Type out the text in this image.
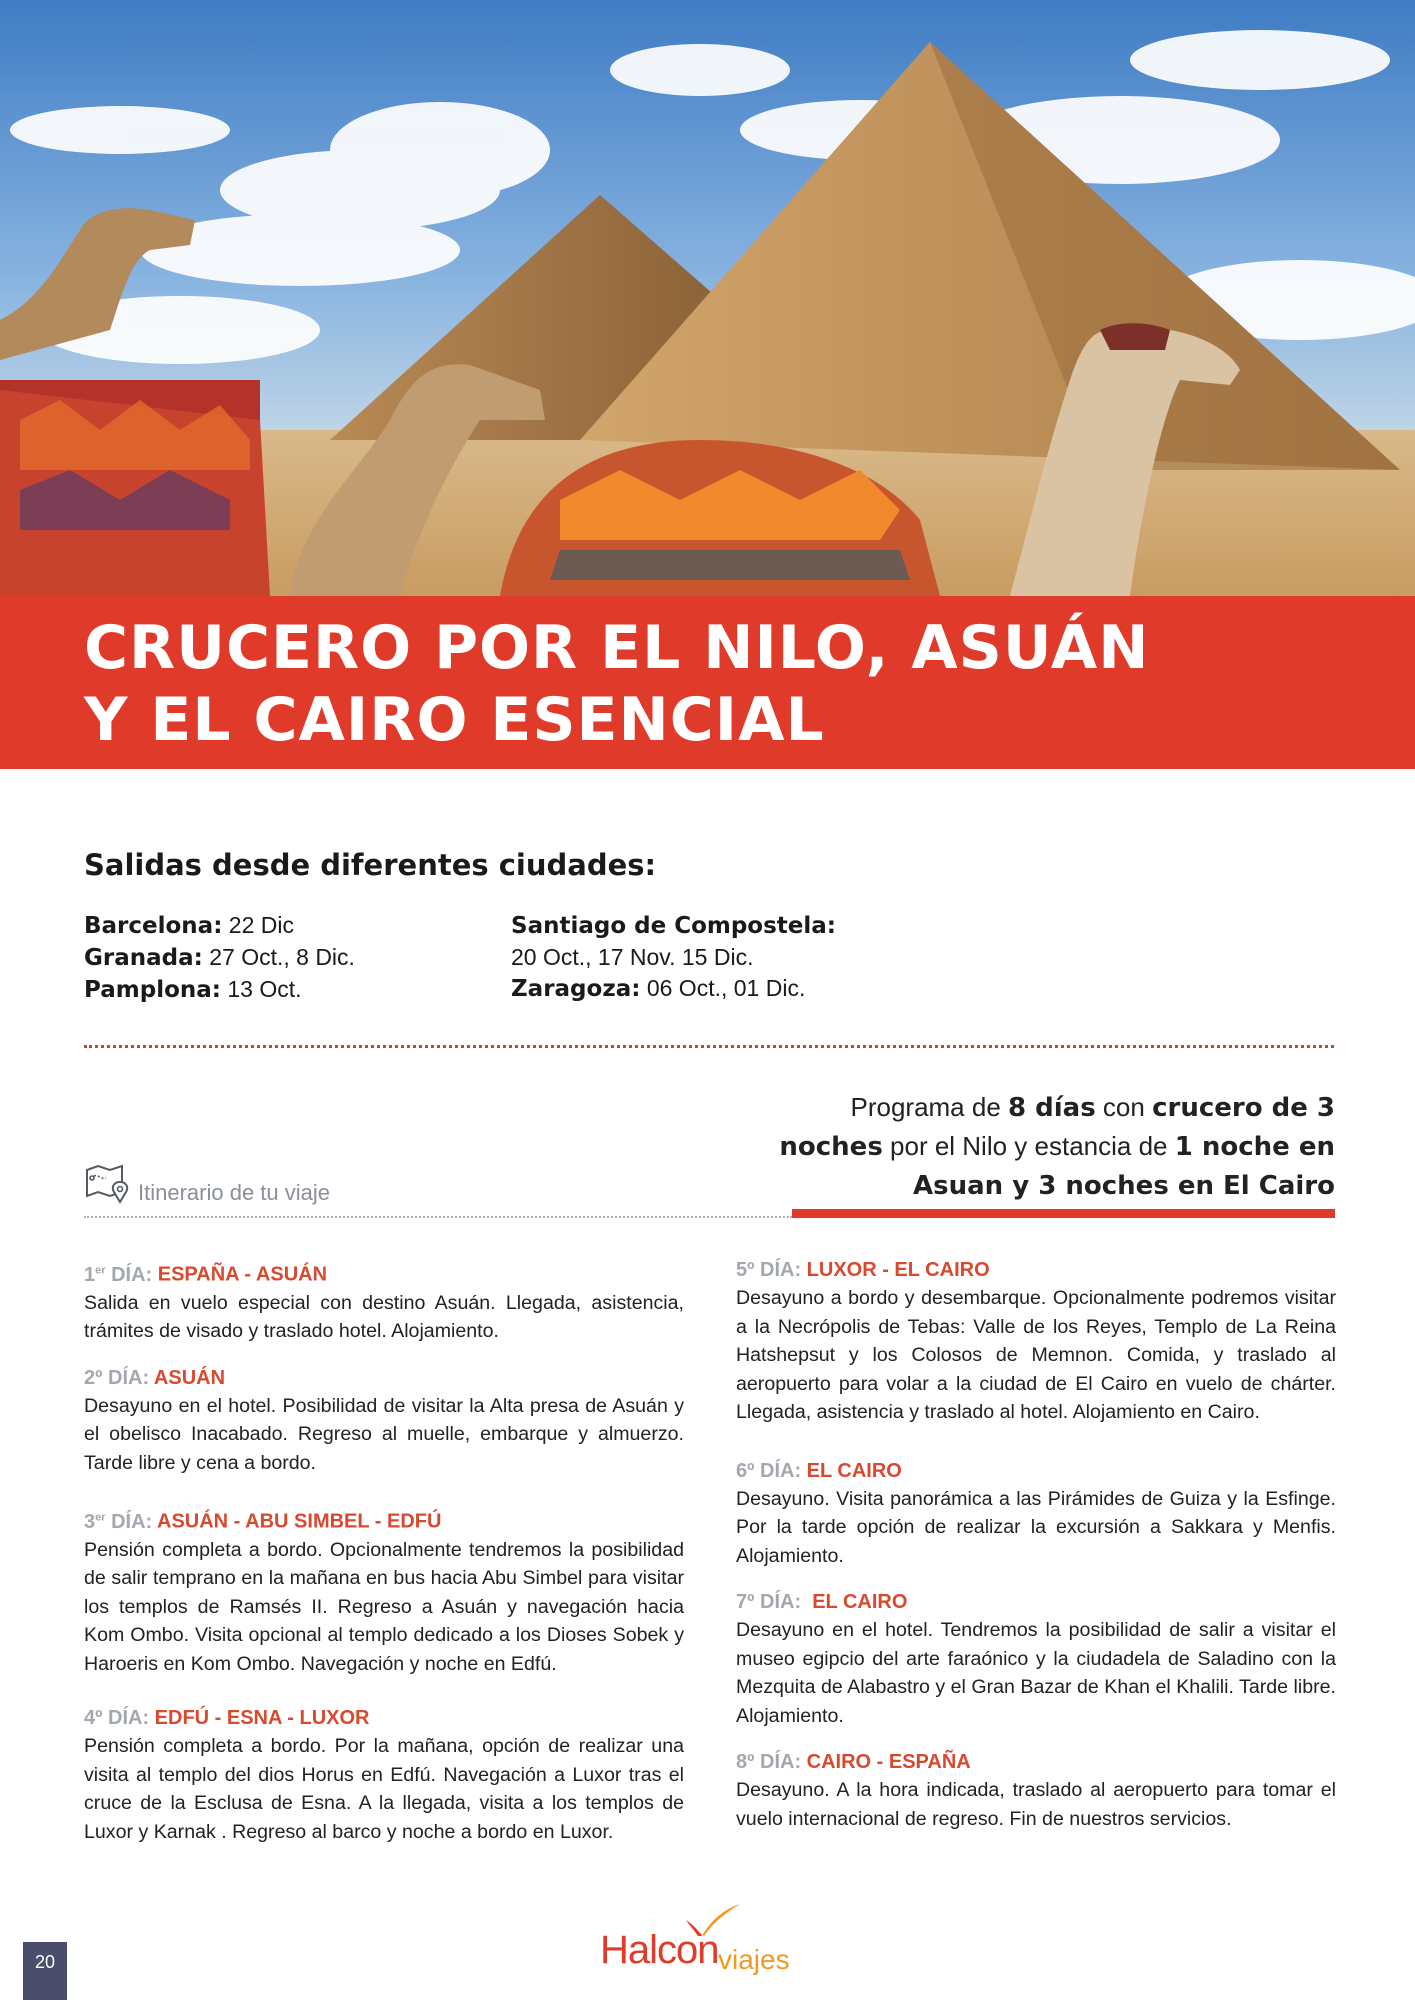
CRUCERO POR EL NILO, ASUÁN
Y EL CAIRO ESENCIAL
Salidas desde diferentes ciudades:
Barcelona: 22 Dic
Granada: 27 Oct., 8 Dic.
Pamplona: 13 Oct.
Santiago de Compostela:
20 Oct., 17 Nov. 15 Dic.
Zaragoza: 06 Oct., 01 Dic.
Programa de 8 días con crucero de 3 noches por el Nilo y estancia de 1 noche en Asuan y 3 noches en El Cairo
Itinerario de tu viaje
1er DÍA: ESPAÑA - ASUÁN

Salida en vuelo especial con destino Asuán. Llegada, asistencia, trámites de visado y traslado hotel. Alojamiento.

2º DÍA: ASUÁN

Desayuno en el hotel. Posibilidad de visitar la Alta presa de Asuán y el obelisco Inacabado. Regreso al muelle, embarque y almuerzo. Tarde libre y cena a bordo.

3er DÍA: ASUÁN - ABU SIMBEL - EDFÚ

Pensión completa a bordo. Opcionalmente tendremos la posibilidad de salir temprano en la mañana en bus hacia Abu Simbel para visitar los templos de Ramsés II. Regreso a Asuán y navegación hacia Kom Ombo. Visita opcional al templo dedicado a los Dioses Sobek y Haroeris en Kom Ombo. Navegación y noche en Edfú.

4º DÍA: EDFÚ - ESNA - LUXOR

Pensión completa a bordo. Por la mañana, opción de realizar una visita al templo del dios Horus en Edfú. Navegación a Luxor tras el cruce de la Esclusa de Esna. A la llegada, visita a los templos de Luxor y Karnak . Regreso al barco y noche a bordo en Luxor.

5º DÍA: LUXOR - EL CAIRO

Desayuno a bordo y desembarque. Opcionalmente podremos visitar a la Necrópolis de Tebas: Valle de los Reyes, Templo de La Reina Hatshepsut y los Colosos de Memnon. Comida, y traslado al aeropuerto para volar a la ciudad de El Cairo en vuelo de chárter. Llegada, asistencia y traslado al hotel. Alojamiento en Cairo.

6º DÍA: EL CAIRO

Desayuno. Visita panorámica a las Pirámides de Guiza y la Esfinge. Por la tarde opción de realizar la excursión a Sakkara y Menfis. Alojamiento.

7º DÍA:  EL CAIRO

Desayuno en el hotel. Tendremos la posibilidad de salir a visitar el museo egipcio del arte faraónico y la ciudadela de Saladino con la Mezquita de Alabastro y el Gran Bazar de Khan el Khalili. Tarde libre. Alojamiento.

8º DÍA: CAIRO - ESPAÑA

Desayuno. A la hora indicada, traslado al aeropuerto para tomar el vuelo internacional de regreso. Fin de nuestros servicios.

20	Halcon viajes
